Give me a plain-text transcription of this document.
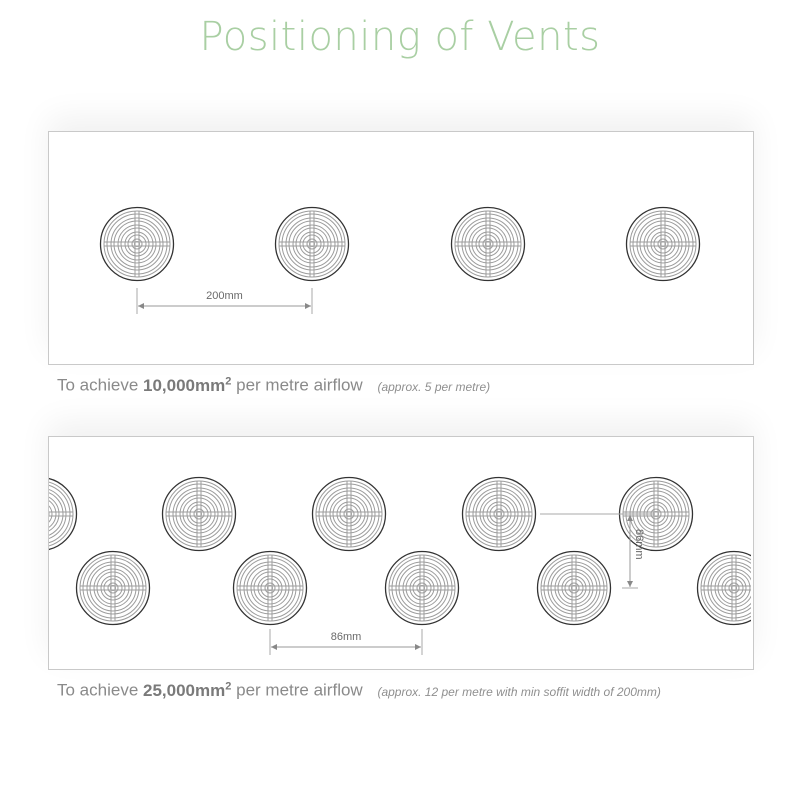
Positioning of Vents
200mm
86mm
86mm
To achieve $10,000mm^2$ per metre airflow (approx. 5 per metre)
To achieve $25,000mm^2$ per metre airflow (approx. 12 per metre with min soffit width of 200mm)
